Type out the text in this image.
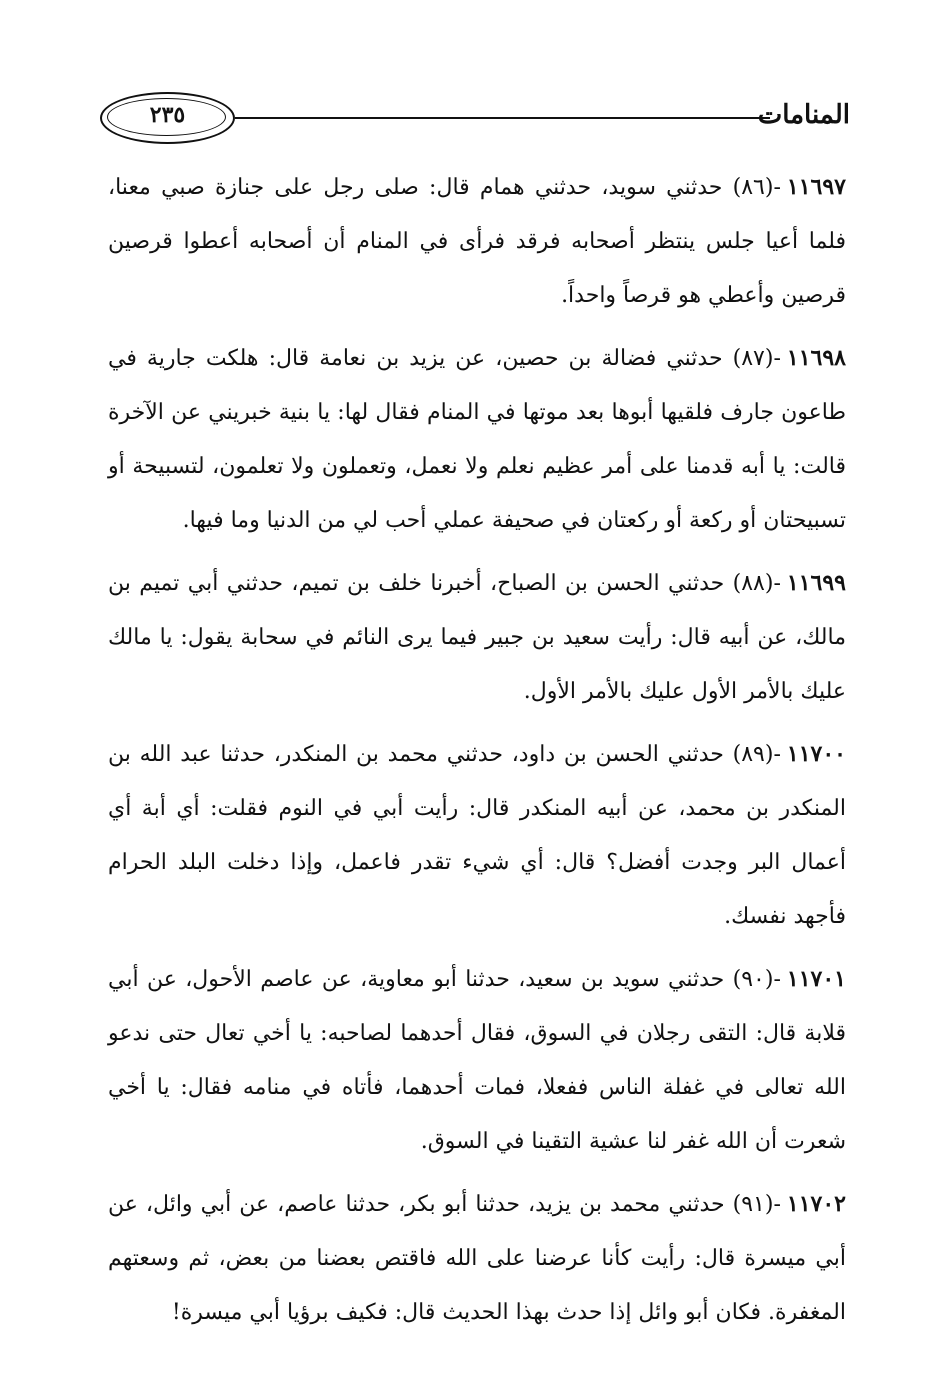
٢٣٥	المنامات

١١٦٩٧-(٨٦) حدثني سويد، حدثني همام قال: صلى رجل على جنازة صبي معنا، فلما أعيا جلس ينتظر أصحابه فرقد فرأى في المنام أن أصحابه أعطوا قرصين قرصين وأعطي هو قرصاً واحداً.

١١٦٩٨-(٨٧) حدثني فضالة بن حصين، عن يزيد بن نعامة قال: هلكت جارية في طاعون جارف فلقيها أبوها بعد موتها في المنام فقال لها: يا بنية خبريني عن الآخرة قالت: يا أبه قدمنا على أمر عظيم نعلم ولا نعمل، وتعملون ولا تعلمون، لتسبيحة أو تسبيحتان أو ركعة أو ركعتان في صحيفة عملي أحب لي من الدنيا وما فيها.

١١٦٩٩-(٨٨) حدثني الحسن بن الصباح، أخبرنا خلف بن تميم، حدثني أبي تميم بن مالك، عن أبيه قال: رأيت سعيد بن جبير فيما يرى النائم في سحابة يقول: يا مالك عليك بالأمر الأول عليك بالأمر الأول.

١١٧٠٠-(٨٩) حدثني الحسن بن داود، حدثني محمد بن المنكدر، حدثنا عبد الله بن المنكدر بن محمد، عن أبيه المنكدر قال: رأيت أبي في النوم فقلت: أي أبة أي أعمال البر وجدت أفضل؟ قال: أي شيء تقدر فاعمل، وإذا دخلت البلد الحرام فأجهد نفسك.

١١٧٠١-(٩٠) حدثني سويد بن سعيد، حدثنا أبو معاوية، عن عاصم الأحول، عن أبي قلابة قال: التقى رجلان في السوق، فقال أحدهما لصاحبه: يا أخي تعال حتى ندعو الله تعالى في غفلة الناس ففعلا، فمات أحدهما، فأتاه في منامه فقال: يا أخي شعرت أن الله غفر لنا عشية التقينا في السوق.

١١٧٠٢-(٩١) حدثني محمد بن يزيد، حدثنا أبو بكر، حدثنا عاصم، عن أبي وائل، عن أبي ميسرة قال: رأيت كأنا عرضنا على الله فاقتص بعضنا من بعض، ثم وسعتهم المغفرة. فكان أبو وائل إذا حدث بهذا الحديث قال: فكيف برؤيا أبي ميسرة!
